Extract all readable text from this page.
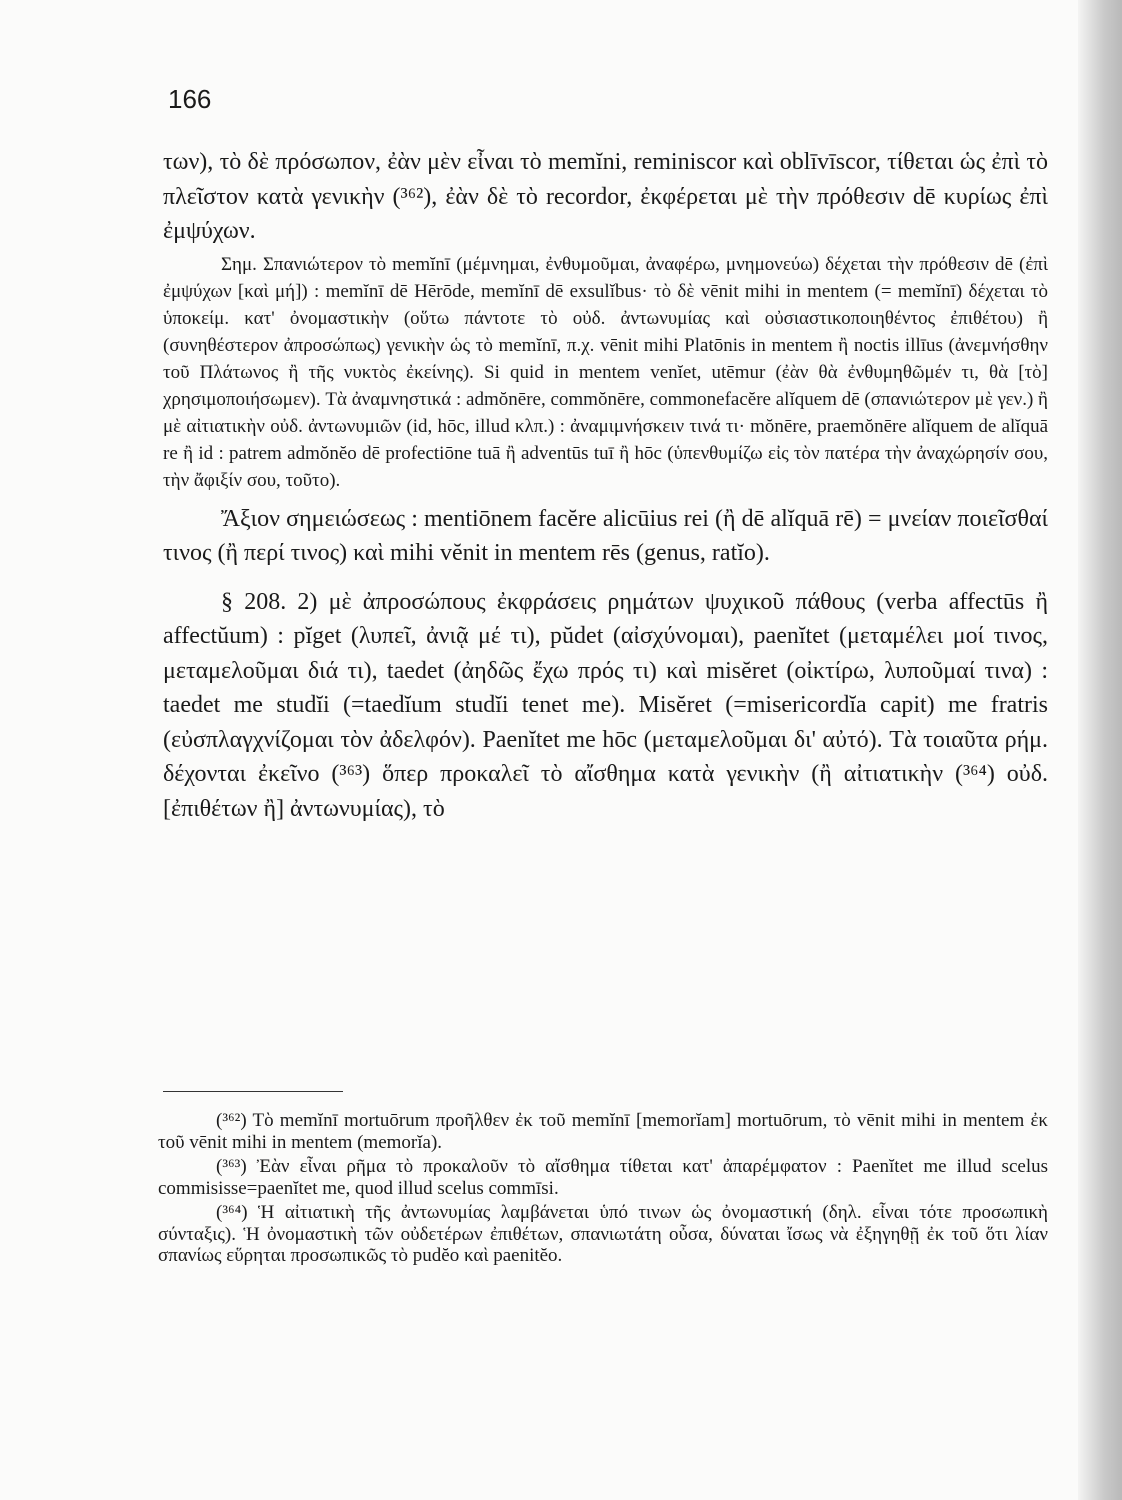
166

των), τὸ δὲ πρόσωπον, ἐὰν μὲν εἶναι τὸ memĭni, reminiscor καὶ oblīvīscor, τίθεται ὡς ἐπὶ τὸ πλεῖστον κατὰ γενικὴν (³⁶²), ἐὰν δὲ τὸ recordor, ἐκφέρεται μὲ τὴν πρόθεσιν dē κυρίως ἐπὶ ἐμψύχων.

Σημ. Σπανιώτερον τὸ memĭnī (μέμνημαι, ἐνθυμοῦμαι, ἀναφέρω, μνημονεύω) δέχεται τὴν πρόθεσιν dē (ἐπὶ ἐμψύχων [καὶ μή]) : memĭnī dē Hērōde, memĭnī dē exsulĭbus· τὸ δὲ vēnit mihi in mentem (= memĭnī) δέχεται τὸ ὑποκείμ. κατ' ὀνομαστικὴν (οὕτω πάντοτε τὸ οὐδ. ἀντωνυμίας καὶ οὐσιαστικοποιηθέντος ἐπιθέτου) ἢ (συνηθέστερον ἀπροσώπως) γενικὴν ὡς τὸ memĭnī, π.χ. vēnit mihi Platōnis in mentem ἢ noctis illīus (ἀνεμνήσθην τοῦ Πλάτωνος ἢ τῆς νυκτὸς ἐκείνης). Si quid in mentem venĭet, utēmur (ἐὰν θὰ ἐνθυμηθῶμέν τι, θὰ [τὸ] χρησιμοποιήσωμεν). Τὰ ἀναμνηστικά : admŏnēre, commŏnēre, commonefacĕre alĭquem dē (σπανιώτερον μὲ γεν.) ἢ μὲ αἰτιατικὴν οὐδ. ἀντωνυμιῶν (id, hōc, illud κλπ.) : ἀναμιμνήσκειν τινά τι· mŏnēre, praemŏnēre alĭquem de alĭquā re ἢ id : patrem admŏnĕo dē profectiōne tuā ἢ adventūs tuī ἢ hōc (ὑπενθυμίζω εἰς τὸν πατέρα τὴν ἀναχώρησίν σου, τὴν ἄφιξίν σου, τοῦτο).

Ἄξιον σημειώσεως : mentiōnem facĕre alicūius rei (ἢ dē alĭquā rē) = μνείαν ποιεῖσθαί τινος (ἢ περί τινος) καὶ mihi vĕnit in mentem rēs (genus, ratĭo).

§ 208. 2) μὲ ἀπροσώπους ἐκφράσεις ρημάτων ψυχικοῦ πάθους (verba affectūs ἢ affectŭum) : pĭget (λυπεῖ, ἀνιᾷ μέ τι), pŭdet (αἰσχύνομαι), paenĭtet (μεταμέλει μοί τινος, μεταμελοῦμαι διά τι), taedet (ἀηδῶς ἔχω πρός τι) καὶ misĕret (οἰκτίρω, λυποῦμαί τινα) : taedet me studĭi (=taedĭum studĭi tenet me). Misĕret (=misericordĭa capit) me fratris (εὐσπλαγχνίζομαι τὸν ἀδελφόν). Paenĭtet me hōc (μεταμελοῦμαι δι' αὐτό). Τὰ τοιαῦτα ρήμ. δέχονται ἐκεῖνο (³⁶³) ὅπερ προκαλεῖ τὸ αἴσθημα κατὰ γενικὴν (ἢ αἰτιατικὴν (³⁶⁴) οὐδ. [ἐπιθέτων ἢ] ἀντωνυμίας), τὸ

(³⁶²) Τὸ memĭnī mortuōrum προῆλθεν ἐκ τοῦ memĭnī [memorĭam] mortuōrum, τὸ vēnit mihi in mentem ἐκ τοῦ vēnit mihi in mentem (memorĭa).

(³⁶³) Ἐὰν εἶναι ρῆμα τὸ προκαλοῦν τὸ αἴσθημα τίθεται κατ' ἀπαρέμφατον : Paenĭtet me illud scelus commisisse=paenĭtet me, quod illud scelus commīsi.

(³⁶⁴) Ἡ αἰτιατικὴ τῆς ἀντωνυμίας λαμβάνεται ὑπό τινων ὡς ὀνομαστική (δηλ. εἶναι τότε προσωπικὴ σύνταξις). Ἡ ὀνομαστικὴ τῶν οὐδετέρων ἐπιθέτων, σπανιωτάτη οὖσα, δύναται ἴσως νὰ ἐξηγηθῇ ἐκ τοῦ ὅτι λίαν σπανίως εὕρηται προσωπικῶς τὸ pudĕo καὶ paenitĕo.
